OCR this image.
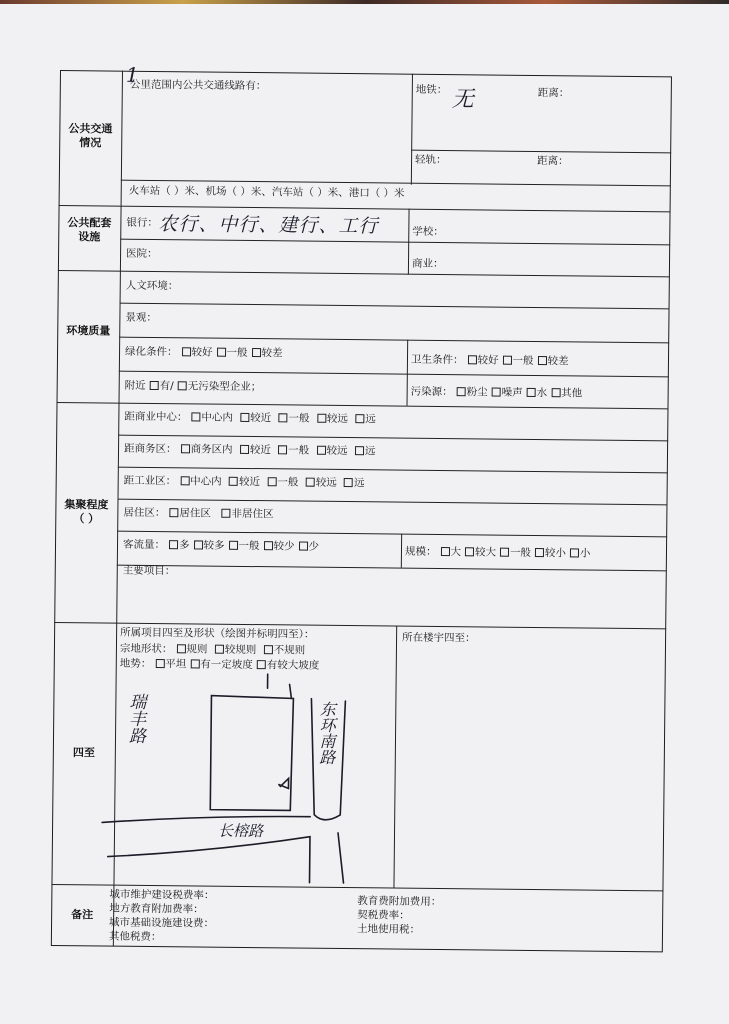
公共交通
情况
公里范围内公共交通线路有：
1
地铁： 无	距离：
轻轨：	距离：
火车站（ ）米、机场（ ）米、汽车站（ ）米、港口（ ）米
公共配套
设施
银行： 农行、中行、建行、工行	学校：
医院：
商业：
环境质量
人文环境：
景观：
绿化条件： 较好 一般 较差
卫生条件： 较好 一般 较差
附近 有/ 无污染型企业；	污染源： 粉尘 噪声 水 其他
集聚程度
（ ）
距商业中心： 中心内 较近 一般 较远 远
距商务区： 商务区内 较近 一般 较远 远
距工业区： 中心内 较近 一般 较远 远
居住区： 居住区 非居住区
客流量： 多 较多 一般 较少 少	规模： 大 较大 一般 较小 小
主要项目：
四至
所属项目四至及形状（绘图并标明四至）：
宗地形状： 规则 较规则 不规则
地势： 平坦 有一定坡度 有较大坡度
所在楼宇四至：
瑞丰路	东环南路
长榕路
备注
城市维护建设税费率：
地方教育附加费率：
城市基础设施建设费：
其他税费：
教育费附加费用：
契税费率：
土地使用税：
